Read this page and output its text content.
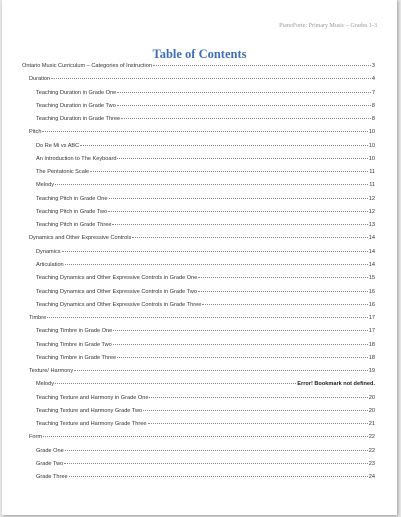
PianoForte: Primary Music – Grades 1-3
Table of Contents
Ontario Music Curriculum – Categories of Instruction	3
Duration	4
Teaching Duration in Grade One	7
Teaching Duration in Grade Two	8
Teaching Duration in Grade Three	8
Pitch	10
Do Re Mi vs ABC	10
An Introduction to The Keyboard	10
The Pentatonic Scale	11
Melody	11
Teaching Pitch in Grade One	12
Teaching Pitch in Grade Two	12
Teaching Pitch in Grade Three	13
Dynamics and Other Expressive Controls	14
Dynamics	14
Articulation	14
Teaching Dynamics and Other Expressive Controls in Grade One	15
Teaching Dynamics and Other Expressive Controls in Grade Two	16
Teaching Dynamics and Other Expressive Controls in Grade Three	16
Timbre	17
Teaching Timbre in Grade One	17
Teaching Timbre in Grade Two	18
Teaching Timbre in Grade Three	18
Texture/ Harmony	19
Melody	Error! Bookmark not defined.
Teaching Texture and Harmony in Grade One	20
Teaching Texture and Harmony Grade Two	20
Teaching Texture and Harmony Grade Three	21
Form	22
Grade One	22
Grade Two	23
Grade Three	24
